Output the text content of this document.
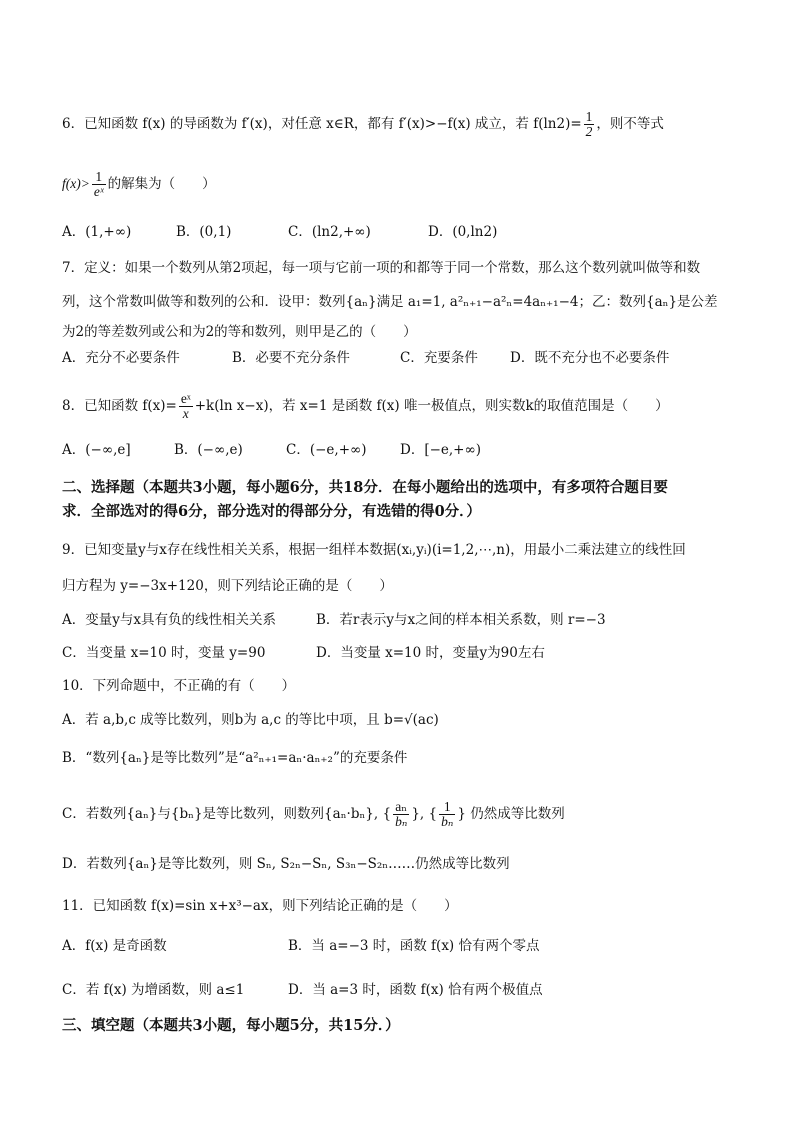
6．已知函数 f(x) 的导函数为 f′(x)，对任意 x∈R，都有 f′(x)>−f(x) 成立，若 $f(\ln 2)= \frac{1}{2}$ ，则不等式
$f(x)> \frac{1}{\text{eˣ}}$ 的解集为（　　）
A．(1,+∞)	B．(0,1)	C．(ln2,+∞)	D．(0,ln2)
7．定义：如果一个数列从第2项起，每一项与它前一项的和都等于同一个常数，那么这个数列就叫做等和数
列，这个常数叫做等和数列的公和．设甲：数列{aₙ}满足 a₁=1, a²ₙ₊₁−a²ₙ=4aₙ₊₁−4；乙：数列{aₙ}是公差
为2的等差数列或公和为2的等和数列，则甲是乙的（　　）
A．充分不必要条件	B．必要不充分条件	C．充要条件 D．既不充分也不必要条件
8．已知函数 $f(x)= \frac{\text{eˣ}}{x} +k(\ln$ x−x)，若 x=1 是函数 f(x) 唯一极值点，则实数k的取值范围是（　　）
A．(−∞,e]	B．(−∞,e)	C．(−e,+∞) D．[−e,+∞)
二、选择题（本题共3小题，每小题6分，共18分．在每小题给出的选项中，有多项符合题目要
求．全部选对的得6分，部分选对的得部分分，有选错的得0分．）
9．已知变量y与x存在线性相关关系，根据一组样本数据(xᵢ,yᵢ)(i=1,2,⋯,n)，用最小二乘法建立的线性回
归方程为 y=−3x+120，则下列结论正确的是（　　）
A．变量y与x具有负的线性相关关系	B．若r表示y与x之间的样本相关系数，则 r=−3
C．当变量 x=10 时，变量 y=90	D．当变量 x=10 时，变量y为90左右
10．下列命题中，不正确的有（　　）
A．若 a,b,c 成等比数列，则b为 a,c 的等比中项，且 b=√(ac)
B．“数列{aₙ}是等比数列”是“a²ₙ₊₁=aₙ·aₙ₊₂”的充要条件
C．若数列{aₙ}与{bₙ}是等比数列，则数列{aₙ·bₙ}, { $\frac{\text{aₙ}}{\text{bₙ}}$ }, { $\frac{1}{\text{bₙ}}$ } 仍然成等比数列
D．若数列{aₙ}是等比数列，则 Sₙ, S₂ₙ−Sₙ, S₃ₙ−S₂ₙ……仍然成等比数列
11．已知函数 f(x)=sin x+x³−ax，则下列结论正确的是（　　）
A．f(x) 是奇函数	B．当 a=−3 时，函数 f(x) 恰有两个零点
C．若 f(x) 为增函数，则 a≤1	D．当 a=3 时，函数 f(x) 恰有两个极值点
三、填空题（本题共3小题，每小题5分，共15分．）
